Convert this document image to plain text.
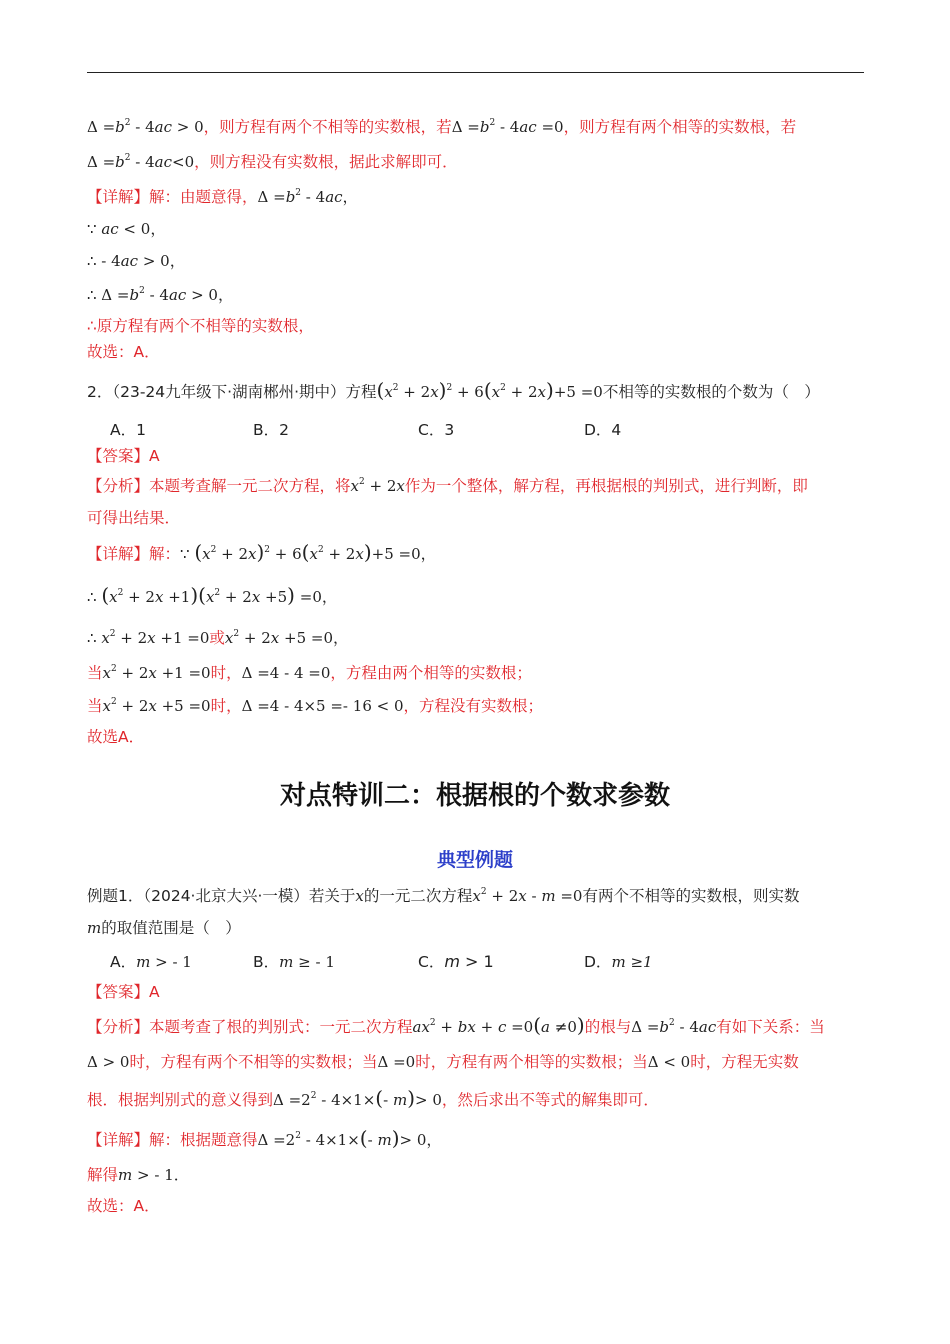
$\Delta =b^2 - 4ac > 0$，则方程有两个不相等的实数根，若$\Delta =b^2 - 4ac =0$，则方程有两个相等的实数根，若
$\Delta =b^2 - 4ac<0$，则方程没有实数根，据此求解即可．
【详解】解：由题意得，$\Delta =b^2 - 4ac$，
∵ ac < 0，
∴ - 4ac > 0，
∴ $\Delta =b^2 - 4ac > 0$，
∴原方程有两个不相等的实数根，
故选：A．
2．（23-24九年级下·湖南郴州·期中）方程$(x^2 + 2x)^2 + 6(x^2 + 2x)+5 =0$不相等的实数根的个数为（　）
A．1	B．2	C．3	D．4
【答案】A
【分析】本题考查解一元二次方程，将$x^2 + 2x$作为一个整体，解方程，再根据根的判别式，进行判断，即
可得出结果．
【详解】解：∵ $(x^2 + 2x)^2 + 6(x^2 + 2x)+5 =0$，
∴ $(x^2 + 2x +1)(x^2 + 2x +5) =0$，
∴ $x^2 + 2x +1 =0$或$x^2 + 2x +5 =0$，
当$x^2 + 2x +1 =0$时，Δ =4 - 4 =0，方程由两个相等的实数根；
当$x^2 + 2x +5 =0$时，Δ =4 - 4×5 =- 16 < 0，方程没有实数根；
故选A．
对点特训二：根据根的个数求参数
典型例题
例题1．（2024·北京大兴·一模）若关于x的一元二次方程$x^2 + 2x - m =0$有两个不相等的实数根，则实数
m的取值范围是（　）
A．m > - 1	B．m ≥ - 1	C．m > 1	D．m ≥1
【答案】A
【分析】本题考查了根的判别式：一元二次方程$ax^2$ + bx + c =0(a ≠0)的根与$\Delta =b^2 - 4ac$有如下关系：当
Δ > 0时，方程有两个不相等的实数根；当Δ =0时，方程有两个相等的实数根；当Δ < 0时，方程无实数
根．根据判别式的意义得到$\Delta =2^2 - 4\times 1\times(-$ m)> 0，然后求出不等式的解集即可．
【详解】解：根据题意得$\Delta =2^2 - 4\times 1\times(-$ m)> 0，
解得m > - 1．
故选：A．
